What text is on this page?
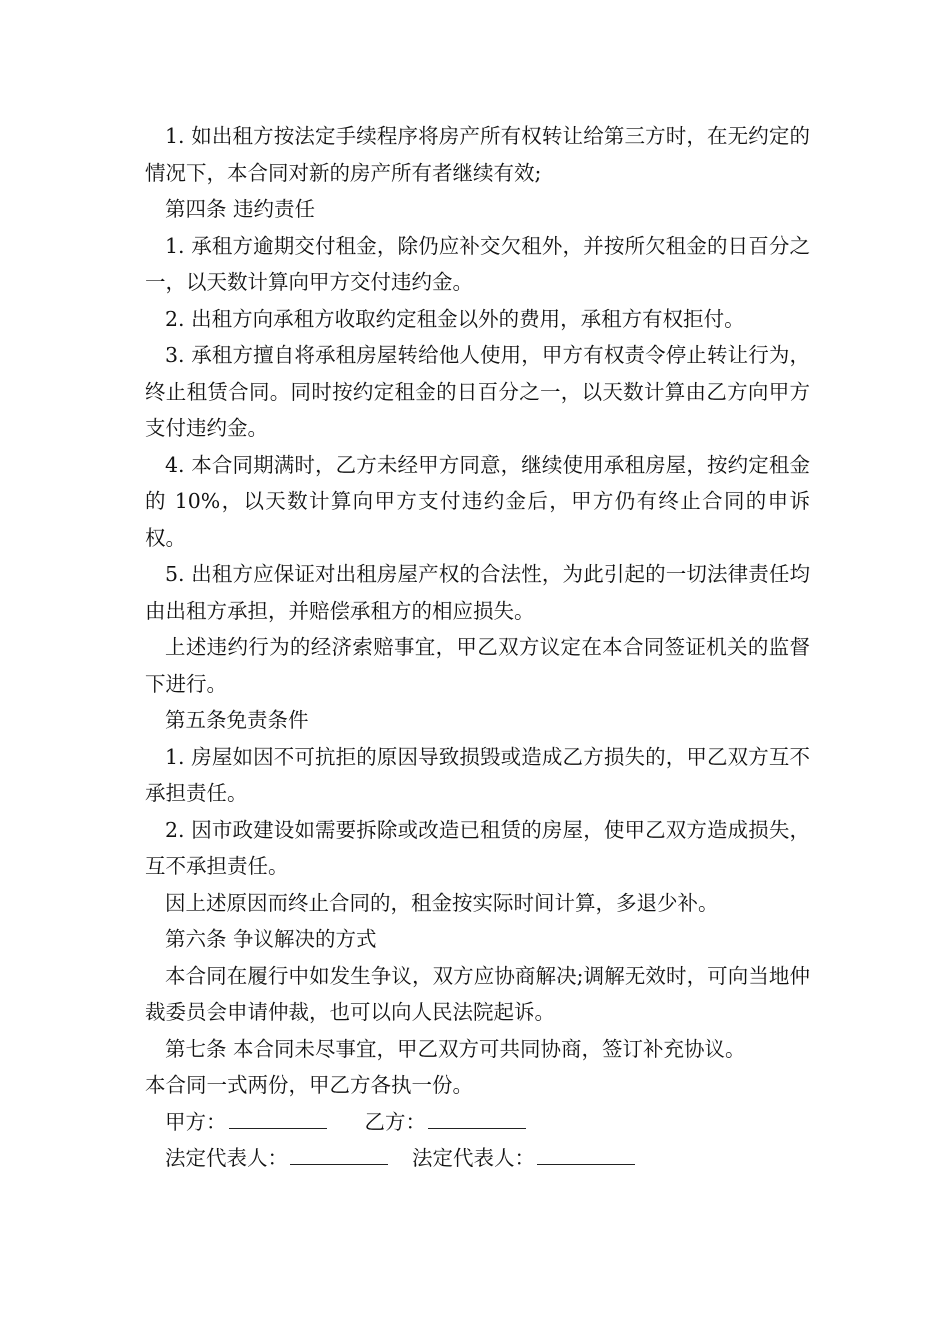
1. 如出租方按法定手续程序将房产所有权转让给第三方时，在无约定的情况下，本合同对新的房产所有者继续有效;

第四条 违约责任

1. 承租方逾期交付租金，除仍应补交欠租外，并按所欠租金的日百分之一，以天数计算向甲方交付违约金。

2. 出租方向承租方收取约定租金以外的费用，承租方有权拒付。

3. 承租方擅自将承租房屋转给他人使用，甲方有权责令停止转让行为，终止租赁合同。同时按约定租金的日百分之一，以天数计算由乙方向甲方支付违约金。

4. 本合同期满时，乙方未经甲方同意，继续使用承租房屋，按约定租金的 10%，以天数计算向甲方支付违约金后，甲方仍有终止合同的申诉权。

5. 出租方应保证对出租房屋产权的合法性，为此引起的一切法律责任均由出租方承担，并赔偿承租方的相应损失。

上述违约行为的经济索赔事宜，甲乙双方议定在本合同签证机关的监督下进行。

第五条免责条件

1. 房屋如因不可抗拒的原因导致损毁或造成乙方损失的，甲乙双方互不承担责任。

2. 因市政建设如需要拆除或改造已租赁的房屋，使甲乙双方造成损失，互不承担责任。

因上述原因而终止合同的，租金按实际时间计算，多退少补。

第六条 争议解决的方式

本合同在履行中如发生争议，双方应协商解决;调解无效时，可向当地仲裁委员会申请仲裁，也可以向人民法院起诉。

第七条 本合同未尽事宜，甲乙双方可共同协商，签订补充协议。

本合同一式两份，甲乙方各执一份。

甲方：	乙方：
法定代表人：	法定代表人：
